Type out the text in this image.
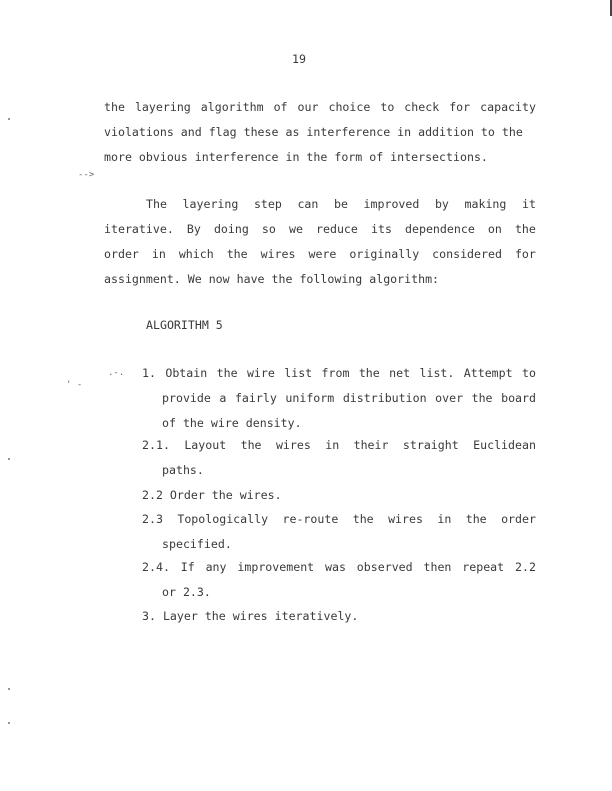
19
the layering algorithm of our choice to check for capacity
violations and flag these as interference in addition to the
more obvious interference in the form of intersections.
-->
The layering step can be improved by making it
iterative. By doing so we reduce its dependence on the
order in which the wires were originally considered for
assignment. We now have the following algorithm:
ALGORITHM 5
.-.
' -
1. Obtain the wire list from the net list. Attempt to
provide a fairly uniform distribution over the board
of the wire density.
2.1. Layout the wires in their straight Euclidean
paths.
2.2 Order the wires.
2.3 Topologically re-route the wires in the order
specified.
2.4. If any improvement was observed then repeat 2.2
or 2.3.
3. Layer the wires iteratively.
